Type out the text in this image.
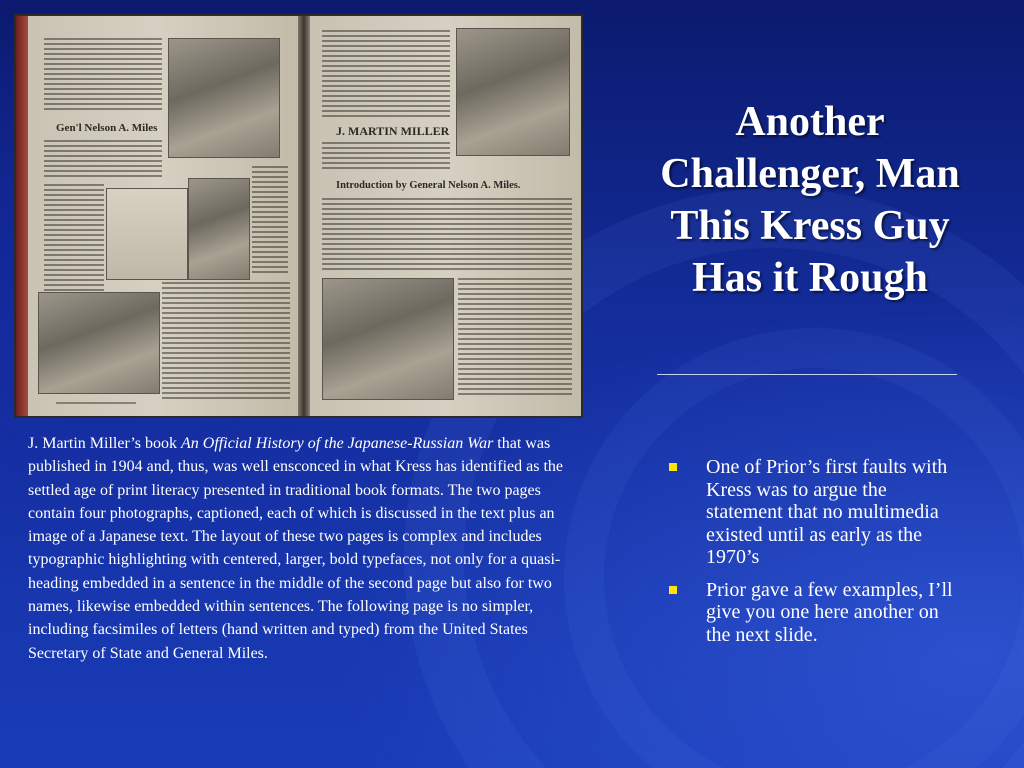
Gen'l Nelson A. Miles	J. MARTIN MILLER
Introduction by General Nelson A. Miles.
Another
Challenger, Man
This Kress Guy
Has it Rough

J. Martin Miller’s book An Official History of the Japanese-Russian War that was published in 1904 and, thus, was well ensconced in what Kress has identified as the settled age of print literacy presented in traditional book formats. The two pages contain four photographs, captioned, each of which is discussed in the text plus an image of a Japanese text. The layout of these two pages is complex and includes typographic highlighting with centered, larger, bold typefaces, not only for a quasi-heading embedded in a sentence in the middle of the second page but also for two names, likewise embedded within sentences. The following page is no simpler, including facsimiles of letters (hand written and typed) from the United States Secretary of State and General Miles.

One of Prior’s first faults with Kress was to argue the statement that no multimedia existed until as early as the 1970’s
Prior gave a few examples, I’ll give you one here another on the next slide.
